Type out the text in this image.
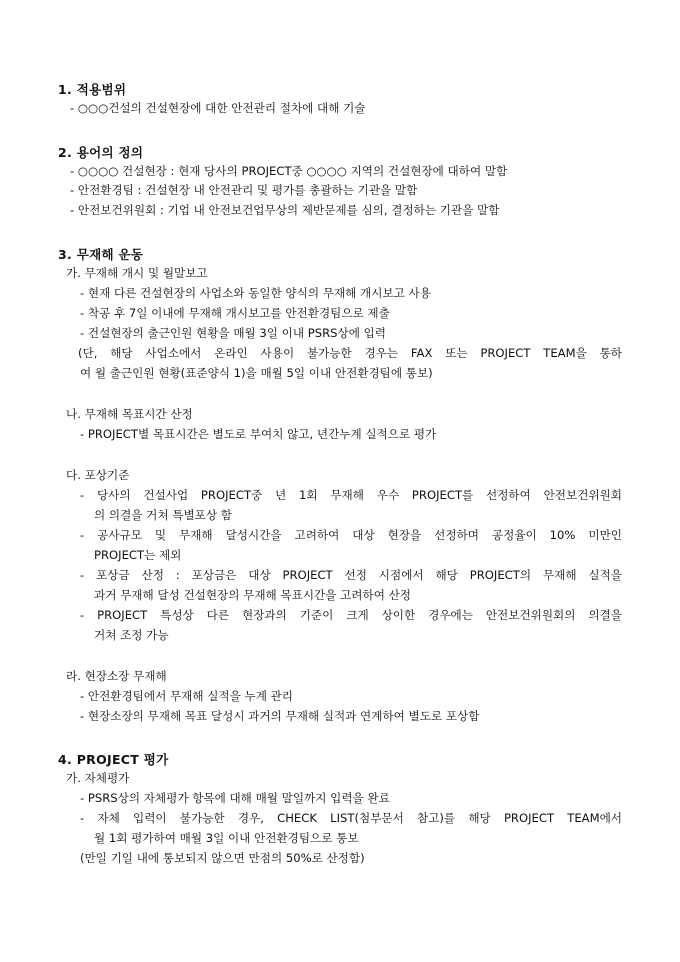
1. 적용범위
- ○○○건설의 건설현장에 대한 안전관리 절차에 대해 기술
2. 용어의 정의
- ○○○○ 건설현장 : 현재 당사의 PROJECT중 ○○○○ 지역의 건설현장에 대하여 말함
- 안전환경팀 : 건설현장 내 안전관리 및 평가를 총괄하는 기관을 말함
- 안전보건위원회 : 기업 내 안전보건업무상의 제반문제를 심의, 결정하는 기관을 말함
3. 무재해 운동
가. 무재해 개시 및 월말보고
- 현재 다른 건설현장의 사업소와 동일한 양식의 무재해 개시보고 사용
- 착공 후 7일 이내에 무재해 개시보고를 안전환경팀으로 제출
- 건설현장의 출근인원 현황을 매월 3일 이내 PSRS상에 입력
(단, 해당 사업소에서 온라인 사용이 불가능한 경우는 FAX 또는 PROJECT TEAM을 통하
여 월 출근인원 현황(표준양식 1)을 매월 5일 이내 안전환경팀에 통보)
나. 무재해 목표시간 산정
- PROJECT별 목표시간은 별도로 부여치 않고, 년간누계 실적으로 평가
다. 포상기준
- 당사의 건설사업 PROJECT중 년 1회 무재해 우수 PROJECT를 선정하여 안전보건위원회
의 의결을 거쳐 특별포상 함
- 공사규모 및 무재해 달성시간을 고려하여 대상 현장을 선정하며 공정율이 10% 미만인
PROJECT는 제외
- 포상금 산정 : 포상금은 대상 PROJECT 선정 시점에서 해당 PROJECT의 무재해 실적을
과거 무재해 달성 건설현장의 무재해 목표시간을 고려하여 산정
- PROJECT 특성상 다른 현장과의 기준이 크게 상이한 경우에는 안전보건위원회의 의결을
거쳐 조정 가능
라. 현장소장 무재해
- 안전환경팀에서 무재해 실적을 누계 관리
- 현장소장의 무재해 목표 달성시 과거의 무재해 실적과 연계하여 별도로 포상함
4. PROJECT 평가
가. 자체평가
- PSRS상의 자체평가 항목에 대해 매월 말일까지 입력을 완료
- 자체 입력이 불가능한 경우, CHECK LIST(첨부문서 참고)를 해당 PROJECT TEAM에서
월 1회 평가하여 매월 3일 이내 안전환경팀으로 통보
(만일 기일 내에 통보되지 않으면 만점의 50%로 산정함)
